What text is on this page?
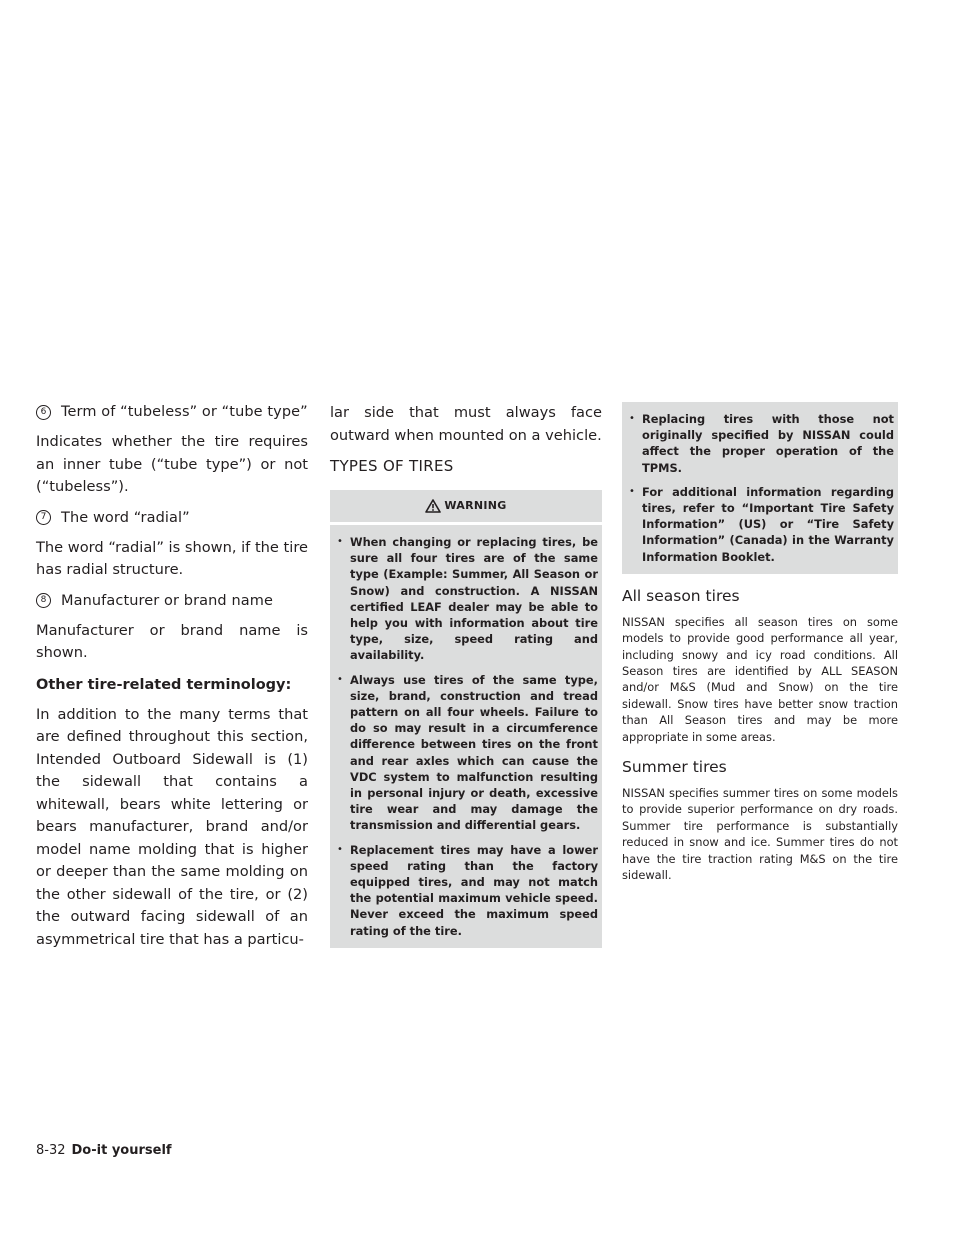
6	Term of “tubeless” or “tube type”

Indicates whether the tire requires an inner tube (“tube type”) or not (“tubeless”).

7	The word “radial”

The word “radial” is shown, if the tire has radial structure.

8	Manufacturer or brand name

Manufacturer or brand name is shown.

Other tire-related terminology:

In addition to the many terms that are defined throughout this section, Intended Outboard Sidewall is (1) the sidewall that contains a whitewall, bears white lettering or bears manufacturer, brand and/or model name molding that is higher or deeper than the same molding on the other sidewall of the tire, or (2) the outward facing sidewall of an asymmetrical tire that has a particu-

lar side that must always face outward when mounted on a vehicle.

TYPES OF TIRES
WARNING
• When changing or replacing tires, be sure all four tires are of the same type (Example: Summer, All Season or Snow) and construction. A NISSAN certified LEAF dealer may be able to help you with information about tire type, size, speed rating and availability.
• Always use tires of the same type, size, brand, construction and tread pattern on all four wheels. Failure to do so may result in a circumference difference between tires on the front and rear axles which can cause the VDC system to malfunction resulting in personal injury or death, excessive tire wear and may damage the transmission and differential gears.
• Replacement tires may have a lower speed rating than the factory equipped tires, and may not match the potential maximum vehicle speed. Never exceed the maximum speed rating of the tire.
• Replacing tires with those not originally specified by NISSAN could affect the proper operation of the TPMS.
• For additional information regarding tires, refer to “Important Tire Safety Information” (US) or “Tire Safety Information” (Canada) in the Warranty Information Booklet.
All season tires

NISSAN specifies all season tires on some models to provide good performance all year, including snowy and icy road conditions. All Season tires are identified by ALL SEASON and/or M&S (Mud and Snow) on the tire sidewall. Snow tires have better snow traction than All Season tires and may be more appropriate in some areas.

Summer tires

NISSAN specifies summer tires on some models to provide superior performance on dry roads. Summer tire performance is substantially reduced in snow and ice. Summer tires do not have the tire traction rating M&S on the tire sidewall.

8-32 Do-it yourself
